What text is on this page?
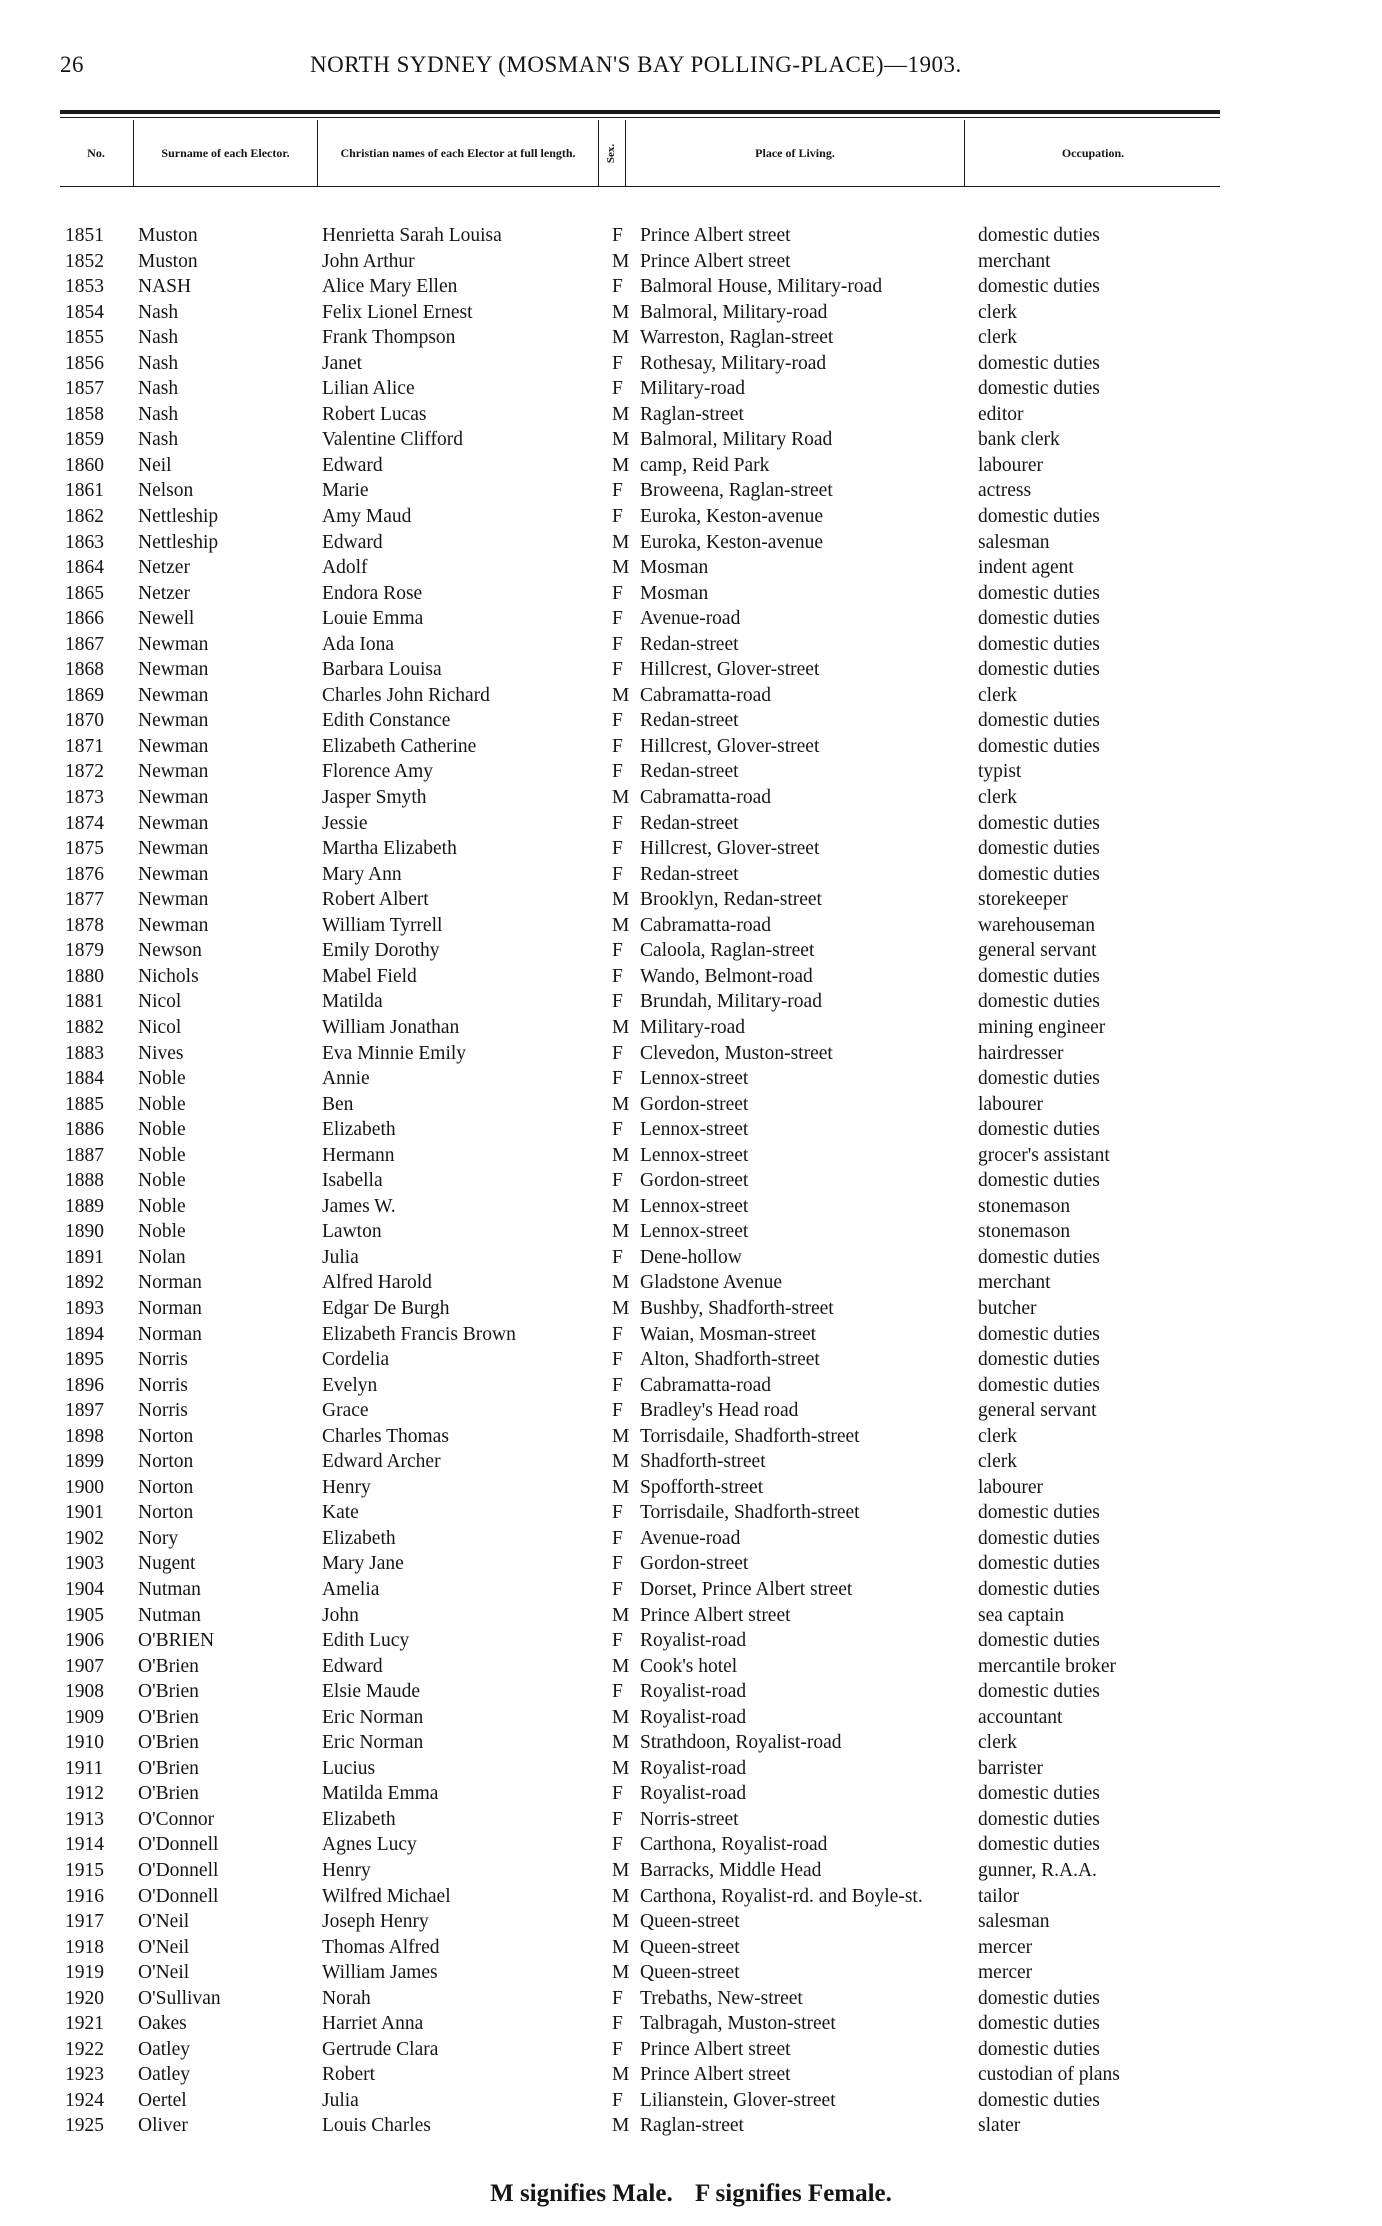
26	NORTH SYDNEY (MOSMAN'S BAY POLLING-PLACE)—1903.
No.	Surname of each Elector.	Christian names of each Elector at full length.	Sex.	Place of Living.	Occupation.
1851 Muston	Henrietta Sarah Louisa	F Prince Albert street	domestic duties
1852 Muston	John Arthur	M Prince Albert street	merchant
1853 NASH	Alice Mary Ellen	F Balmoral House, Military-road	domestic duties
1854 Nash	Felix Lionel Ernest	M Balmoral, Military-road	clerk
1855 Nash	Frank Thompson	M Warreston, Raglan-street	clerk
1856 Nash	Janet	F Rothesay, Military-road	domestic duties
1857 Nash	Lilian Alice	F Military-road	domestic duties
1858 Nash	Robert Lucas	M Raglan-street	editor
1859 Nash	Valentine Clifford	M Balmoral, Military Road	bank clerk
1860 Neil	Edward	M camp, Reid Park	labourer
1861 Nelson	Marie	F Broweena, Raglan-street	actress
1862 Nettleship	Amy Maud	F Euroka, Keston-avenue	domestic duties
1863 Nettleship	Edward	M Euroka, Keston-avenue	salesman
1864 Netzer	Adolf	M Mosman	indent agent
1865 Netzer	Endora Rose	F Mosman	domestic duties
1866 Newell	Louie Emma	F Avenue-road	domestic duties
1867 Newman	Ada Iona	F Redan-street	domestic duties
1868 Newman	Barbara Louisa	F Hillcrest, Glover-street	domestic duties
1869 Newman	Charles John Richard	M Cabramatta-road	clerk
1870 Newman	Edith Constance	F Redan-street	domestic duties
1871 Newman	Elizabeth Catherine	F Hillcrest, Glover-street	domestic duties
1872 Newman	Florence Amy	F Redan-street	typist
1873 Newman	Jasper Smyth	M Cabramatta-road	clerk
1874 Newman	Jessie	F Redan-street	domestic duties
1875 Newman	Martha Elizabeth	F Hillcrest, Glover-street	domestic duties
1876 Newman	Mary Ann	F Redan-street	domestic duties
1877 Newman	Robert Albert	M Brooklyn, Redan-street	storekeeper
1878 Newman	William Tyrrell	M Cabramatta-road	warehouseman
1879 Newson	Emily Dorothy	F Caloola, Raglan-street	general servant
1880 Nichols	Mabel Field	F Wando, Belmont-road	domestic duties
1881 Nicol	Matilda	F Brundah, Military-road	domestic duties
1882 Nicol	William Jonathan	M Military-road	mining engineer
1883 Nives	Eva Minnie Emily	F Clevedon, Muston-street	hairdresser
1884 Noble	Annie	F Lennox-street	domestic duties
1885 Noble	Ben	M Gordon-street	labourer
1886 Noble	Elizabeth	F Lennox-street	domestic duties
1887 Noble	Hermann	M Lennox-street	grocer's assistant
1888 Noble	Isabella	F Gordon-street	domestic duties
1889 Noble	James W.	M Lennox-street	stonemason
1890 Noble	Lawton	M Lennox-street	stonemason
1891 Nolan	Julia	F Dene-hollow	domestic duties
1892 Norman	Alfred Harold	M Gladstone Avenue	merchant
1893 Norman	Edgar De Burgh	M Bushby, Shadforth-street	butcher
1894 Norman	Elizabeth Francis Brown	F Waian, Mosman-street	domestic duties
1895 Norris	Cordelia	F Alton, Shadforth-street	domestic duties
1896 Norris	Evelyn	F Cabramatta-road	domestic duties
1897 Norris	Grace	F Bradley's Head road	general servant
1898 Norton	Charles Thomas	M Torrisdaile, Shadforth-street	clerk
1899 Norton	Edward Archer	M Shadforth-street	clerk
1900 Norton	Henry	M Spofforth-street	labourer
1901 Norton	Kate	F Torrisdaile, Shadforth-street	domestic duties
1902 Nory	Elizabeth	F Avenue-road	domestic duties
1903 Nugent	Mary Jane	F Gordon-street	domestic duties
1904 Nutman	Amelia	F Dorset, Prince Albert street	domestic duties
1905 Nutman	John	M Prince Albert street	sea captain
1906 O'BRIEN	Edith Lucy	F Royalist-road	domestic duties
1907 O'Brien	Edward	M Cook's hotel	mercantile broker
1908 O'Brien	Elsie Maude	F Royalist-road	domestic duties
1909 O'Brien	Eric Norman	M Royalist-road	accountant
1910 O'Brien	Eric Norman	M Strathdoon, Royalist-road	clerk
1911 O'Brien	Lucius	M Royalist-road	barrister
1912 O'Brien	Matilda Emma	F Royalist-road	domestic duties
1913 O'Connor	Elizabeth	F Norris-street	domestic duties
1914 O'Donnell	Agnes Lucy	F Carthona, Royalist-road	domestic duties
1915 O'Donnell	Henry	M Barracks, Middle Head	gunner, R.A.A.
1916 O'Donnell	Wilfred Michael	M Carthona, Royalist-rd. and Boyle-st.	tailor
1917 O'Neil	Joseph Henry	M Queen-street	salesman
1918 O'Neil	Thomas Alfred	M Queen-street	mercer
1919 O'Neil	William James	M Queen-street	mercer
1920 O'Sullivan	Norah	F Trebaths, New-street	domestic duties
1921 Oakes	Harriet Anna	F Talbragah, Muston-street	domestic duties
1922 Oatley	Gertrude Clara	F Prince Albert street	domestic duties
1923 Oatley	Robert	M Prince Albert street	custodian of plans
1924 Oertel	Julia	F Lilianstein, Glover-street	domestic duties
1925 Oliver	Louis Charles	M Raglan-street	slater
M signifies Male. F signifies Female.
